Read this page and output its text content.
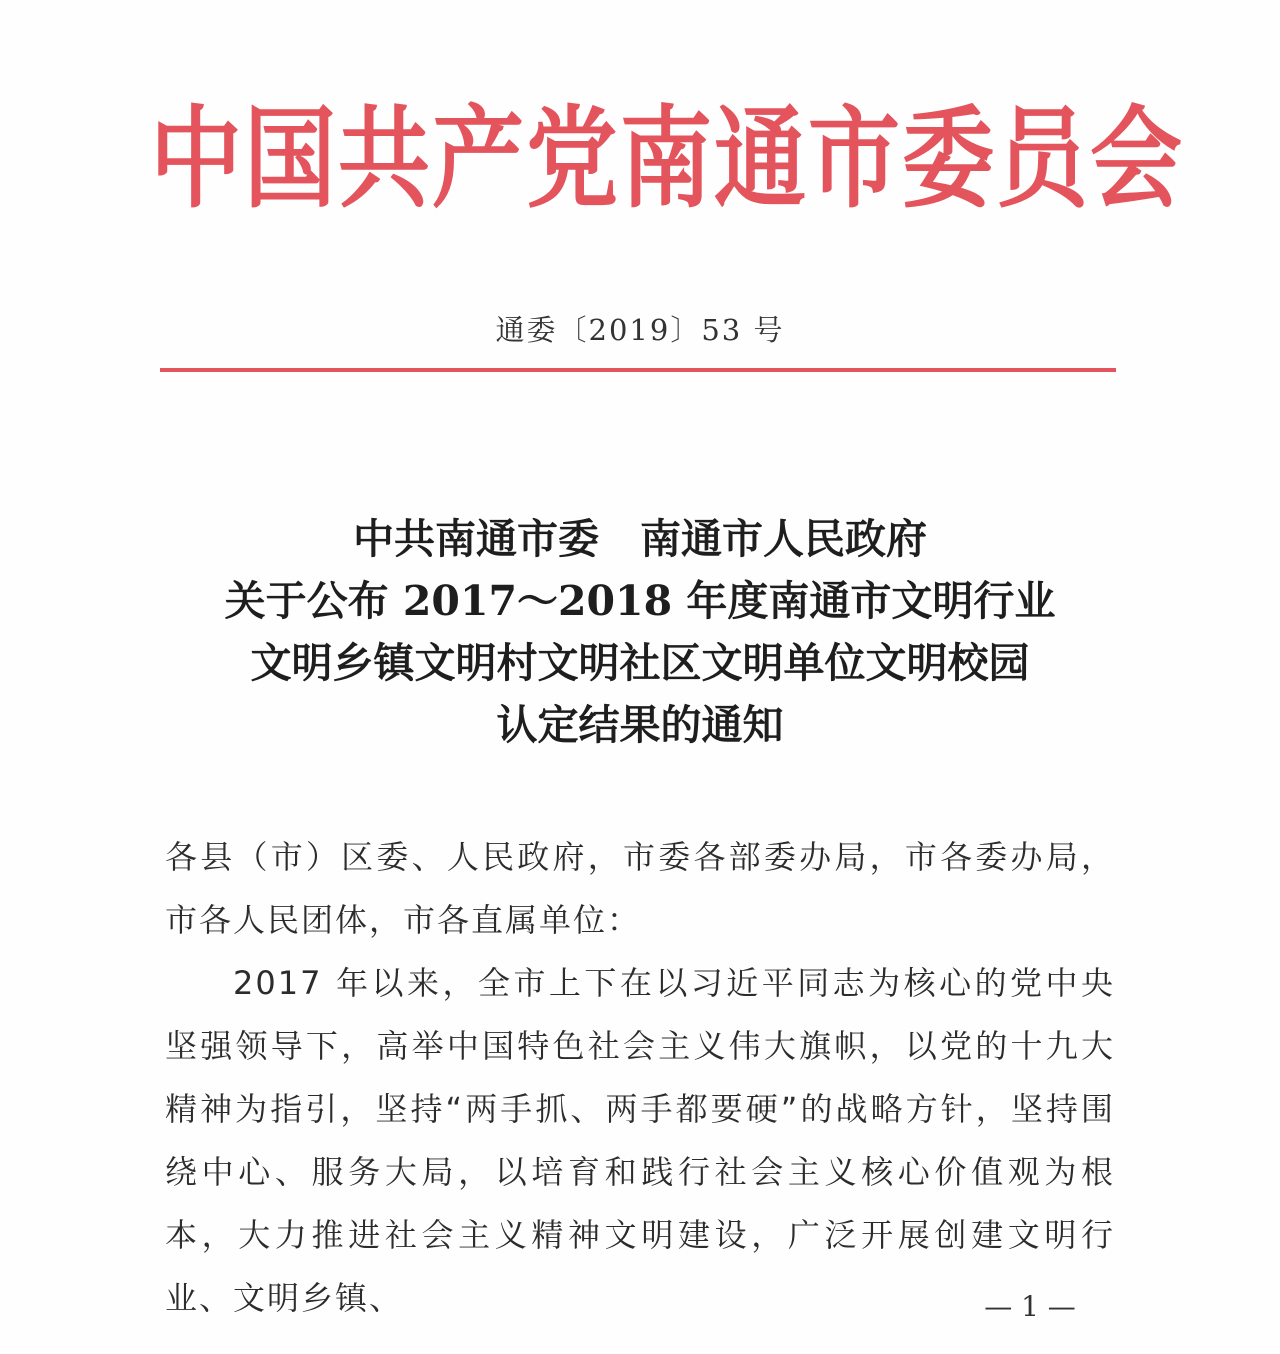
中国共产党南通市委员会
通委〔2019〕53 号
中共南通市委　南通市人民政府
关于公布 2017～2018 年度南通市文明行业
文明乡镇文明村文明社区文明单位文明校园
认定结果的通知

各县（市）区委、人民政府，市委各部委办局，市各委办局，市各人民团体，市各直属单位：

2017 年以来，全市上下在以习近平同志为核心的党中央坚强领导下，高举中国特色社会主义伟大旗帜，以党的十九大精神为指引，坚持“两手抓、两手都要硬”的战略方针，坚持围绕中心、服务大局，以培育和践行社会主义核心价值观为根本，大力推进社会主义精神文明建设，广泛开展创建文明行业、文明乡镇、	— 1 —
